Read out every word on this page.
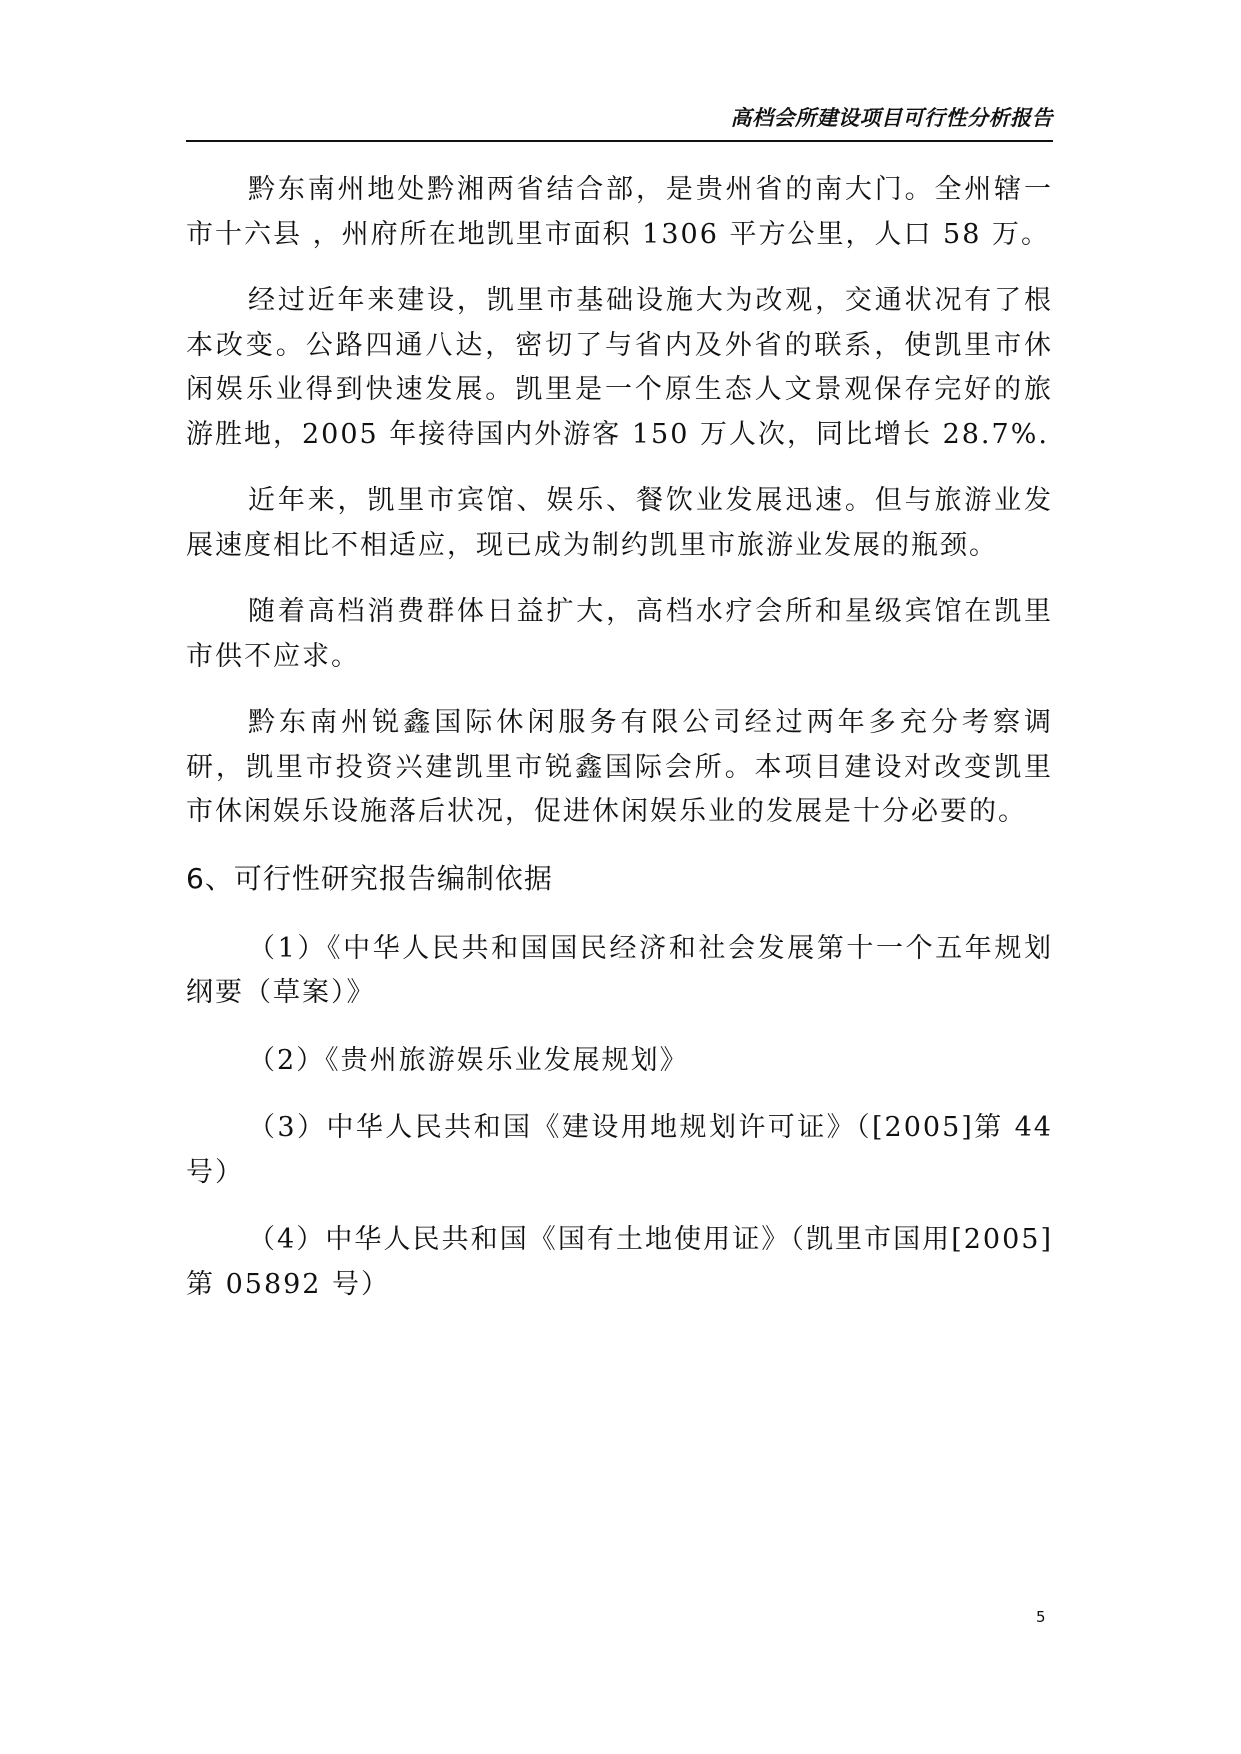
高档会所建设项目可行性分析报告

黔东南州地处黔湘两省结合部，是贵州省的南大门。全州辖一市十六县 ，州府所在地凯里市面积 1306 平方公里，人口 58 万。

经过近年来建设，凯里市基础设施大为改观，交通状况有了根本改变。公路四通八达，密切了与省内及外省的联系，使凯里市休闲娱乐业得到快速发展。凯里是一个原生态人文景观保存完好的旅游胜地，2005 年接待国内外游客 150 万人次，同比增长 28.7%.

近年来，凯里市宾馆、娱乐、餐饮业发展迅速。但与旅游业发展速度相比不相适应，现已成为制约凯里市旅游业发展的瓶颈。

随着高档消费群体日益扩大，高档水疗会所和星级宾馆在凯里市供不应求。

黔东南州锐鑫国际休闲服务有限公司经过两年多充分考察调研，凯里市投资兴建凯里市锐鑫国际会所。本项目建设对改变凯里市休闲娱乐设施落后状况，促进休闲娱乐业的发展是十分必要的。

6、可行性研究报告编制依据

（1）《中华人民共和国国民经济和社会发展第十一个五年规划纲要（草案）》

（2）《贵州旅游娱乐业发展规划》

（3）中华人民共和国《建设用地规划许可证》（[2005]第 44 号）

（4）中华人民共和国《国有土地使用证》（凯里市国用[2005]第 05892 号）

5
